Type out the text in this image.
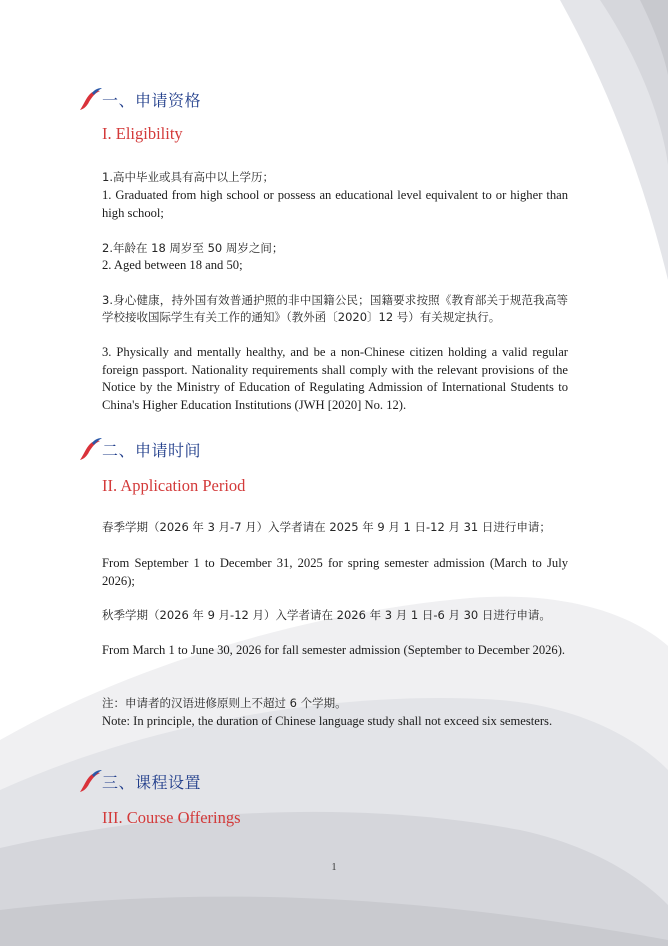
一、申请资格
I. Eligibility
1.高中毕业或具有高中以上学历；
1. Graduated from high school or possess an educational level equivalent to or higher than high school;
2.年龄在 18 周岁至 50 周岁之间；
2. Aged between 18 and 50;
3.身心健康，持外国有效普通护照的非中国籍公民；国籍要求按照《教育部关于规范我高等学校接收国际学生有关工作的通知》（教外函〔2020〕12 号）有关规定执行。
3. Physically and mentally healthy, and be a non-Chinese citizen holding a valid regular foreign passport. Nationality requirements shall comply with the relevant provisions of the Notice by the Ministry of Education of Regulating Admission of International Students to China's Higher Education Institutions (JWH [2020] No. 12).
二、申请时间
II. Application Period
春季学期（2026 年 3 月-7 月）入学者请在 2025 年 9 月 1 日-12 月 31 日进行申请；
From September 1 to December 31, 2025 for spring semester admission (March to July 2026);
秋季学期（2026 年 9 月-12 月）入学者请在 2026 年 3 月 1 日-6 月 30 日进行申请。
From March 1 to June 30, 2026 for fall semester admission (September to December 2026).
注：申请者的汉语进修原则上不超过 6 个学期。
Note: In principle, the duration of Chinese language study shall not exceed six semesters.
三、课程设置
III. Course Offerings
1
